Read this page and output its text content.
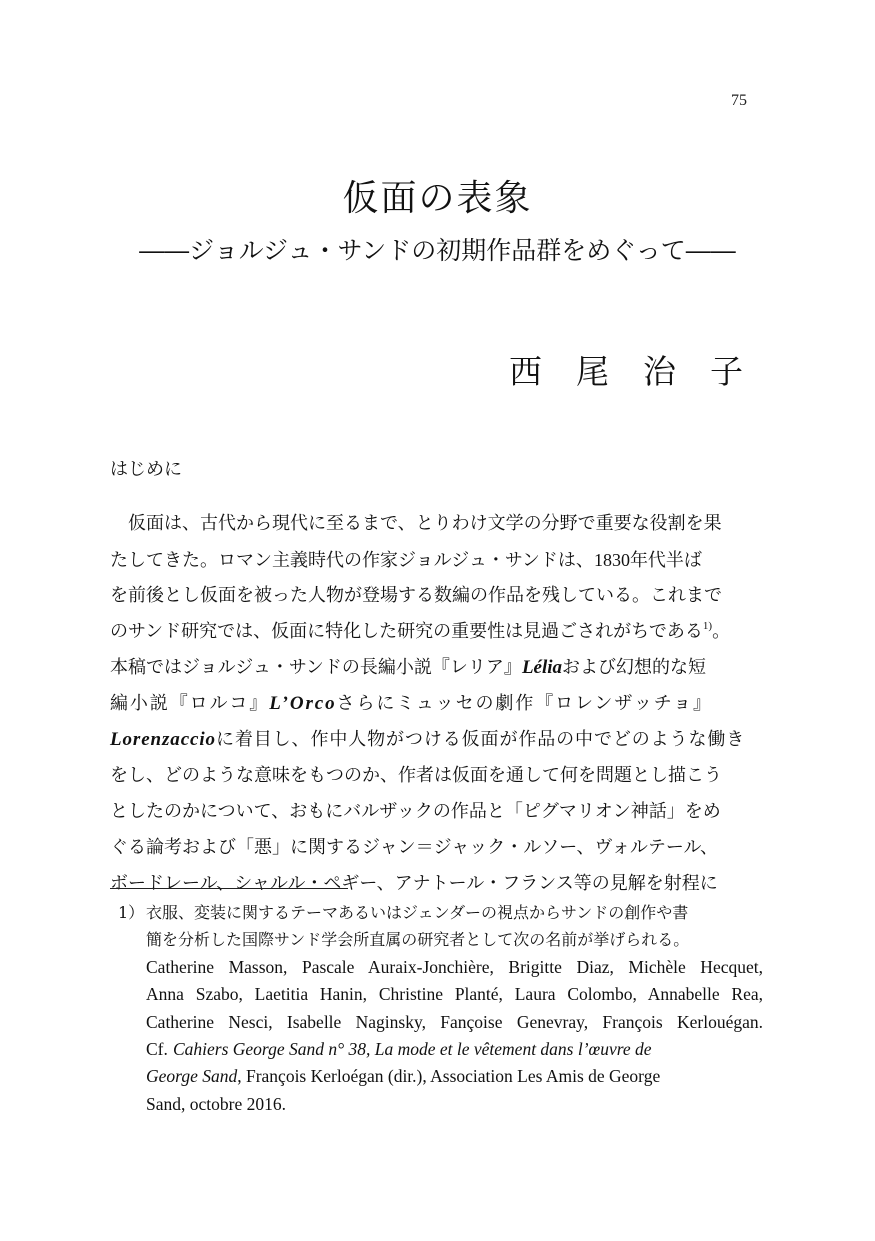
75
仮面の表象
――ジョルジュ・サンドの初期作品群をめぐって――
西尾治子
はじめに
仮面は、古代から現代に至るまで、とりわけ文学の分野で重要な役割を果
たしてきた。ロマン主義時代の作家ジョルジュ・サンドは、1830年代半ば
を前後とし仮面を被った人物が登場する数編の作品を残している。これまで
のサンド研究では、仮面に特化した研究の重要性は見過ごされがちである$^{1)}$。
本稿ではジョルジュ・サンドの長編小説『レリア』Léliaおよび幻想的な短
編小説『ロルコ』L’Orcoさらにミュッセの劇作『ロレンザッチョ』
Lorenzaccioに着目し、作中人物がつける仮面が作品の中でどのような働き
をし、どのような意味をもつのか、作者は仮面を通して何を問題とし描こう
としたのかについて、おもにバルザックの作品と「ピグマリオン神話」をめ
ぐる論考および「悪」に関するジャン＝ジャック・ルソー、ヴォルテール、
ボードレール、シャルル・ペギー、アナトール・フランス等の見解を射程に
1） 衣服、変装に関するテーマあるいはジェンダーの視点からサンドの創作や書
簡を分析した国際サンド学会所直属の研究者として次の名前が挙げられる。
Catherine Masson, Pascale Auraix-Jonchière, Brigitte Diaz, Michèle Hecquet,
Anna Szabo, Laetitia Hanin, Christine Planté, Laura Colombo, Annabelle Rea,
Catherine Nesci, Isabelle Naginsky, Fançoise Genevray, François Kerlouégan.
Cf. Cahiers George Sand n° 38, La mode et le vêtement dans l’œuvre de
George Sand, François Kerloégan (dir.), Association Les Amis de George
Sand, octobre 2016.
